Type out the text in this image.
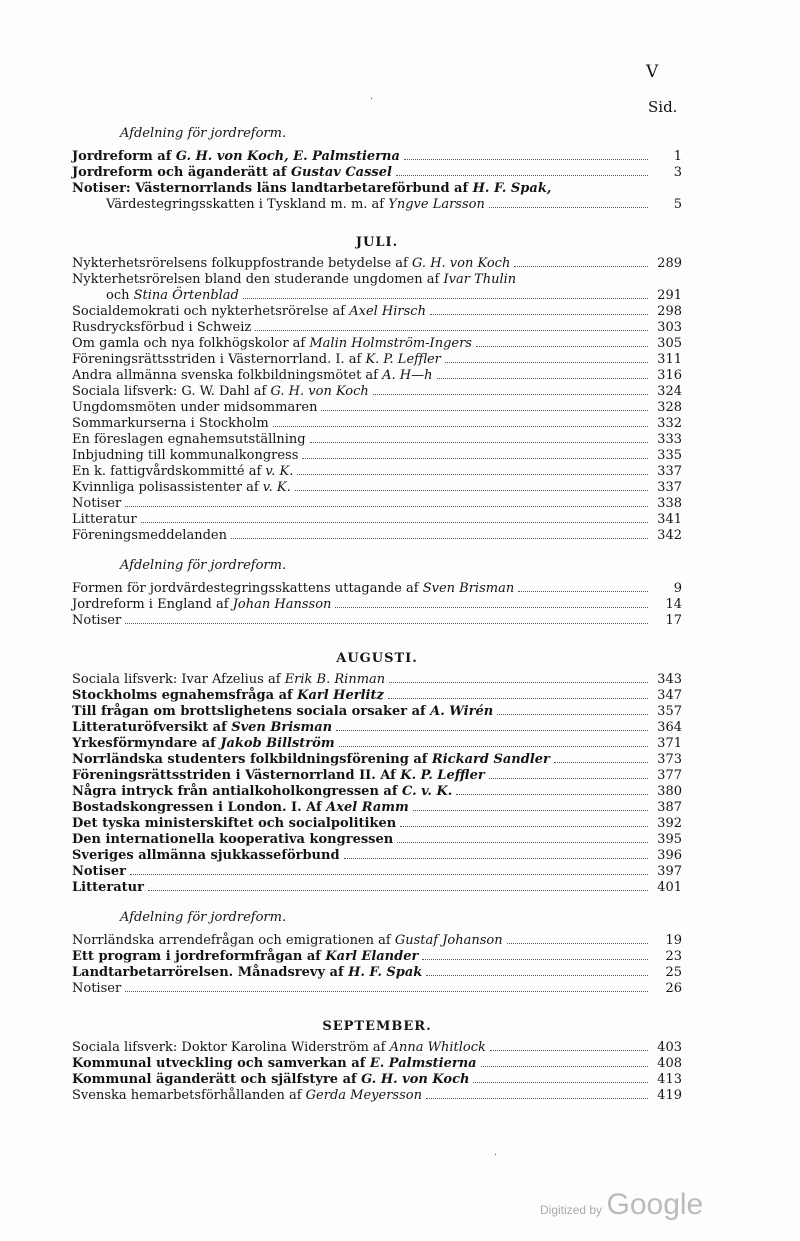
V
Sid.
Afdelning för jordreform.
Jordreform af G. H. von Koch, E. Palmstierna	1
Jordreform och äganderätt af Gustav Cassel	3
Notiser: Västernorrlands läns landtarbetareförbund af H. F. Spak,
Värdestegringsskatten i Tyskland m. m. af Yngve Larsson	5
JULI.
Nykterhetsrörelsens folkuppfostrande betydelse af G. H. von Koch	289
Nykterhetsrörelsen bland den studerande ungdomen af Ivar Thulin
och Stina Örtenblad	291
Socialdemokrati och nykterhetsrörelse af Axel Hirsch	298
Rusdrycksförbud i Schweiz	303
Om gamla och nya folkhögskolor af Malin Holmström-Ingers	305
Föreningsrättsstriden i Västernorrland. I. af K. P. Leffler	311
Andra allmänna svenska folkbildningsmötet af A. H—h	316
Sociala lifsverk: G. W. Dahl af G. H. von Koch	324
Ungdomsmöten under midsommaren	328
Sommarkurserna i Stockholm	332
En föreslagen egnahemsutställning	333
Inbjudning till kommunalkongress	335
En k. fattigvårdskommitté af v. K.	337
Kvinnliga polisassistenter af v. K.	337
Notiser	338
Litteratur	341
Föreningsmeddelanden	342
Afdelning för jordreform.
Formen för jordvärdestegringsskattens uttagande af Sven Brisman	9
Jordreform i England af Johan Hansson	14
Notiser	17
AUGUSTI.
Sociala lifsverk: Ivar Afzelius af Erik B. Rinman	343
Stockholms egnahemsfråga af Karl Herlitz	347
Till frågan om brottslighetens sociala orsaker af A. Wirén	357
Litteraturöfversikt af Sven Brisman	364
Yrkesförmyndare af Jakob Billström	371
Norrländska studenters folkbildningsförening af Rickard Sandler	373
Föreningsrättsstriden i Västernorrland II. Af K. P. Leffler	377
Några intryck från antialkoholkongressen af C. v. K.	380
Bostadskongressen i London. I. Af Axel Ramm	387
Det tyska ministerskiftet och socialpolitiken	392
Den internationella kooperativa kongressen	395
Sveriges allmänna sjukkasseförbund	396
Notiser	397
Litteratur	401
Afdelning för jordreform.
Norrländska arrendefrågan och emigrationen af Gustaf Johanson	19
Ett program i jordreformfrågan af Karl Elander	23
Landtarbetarrörelsen. Månadsrevy af H. F. Spak	25
Notiser	26
SEPTEMBER.
Sociala lifsverk: Doktor Karolina Widerström af Anna Whitlock	403
Kommunal utveckling och samverkan af E. Palmstierna	408
Kommunal äganderätt och själfstyre af G. H. von Koch	413
Svenska hemarbetsförhållanden af Gerda Meyersson	419
Digitized by Google
·
·
